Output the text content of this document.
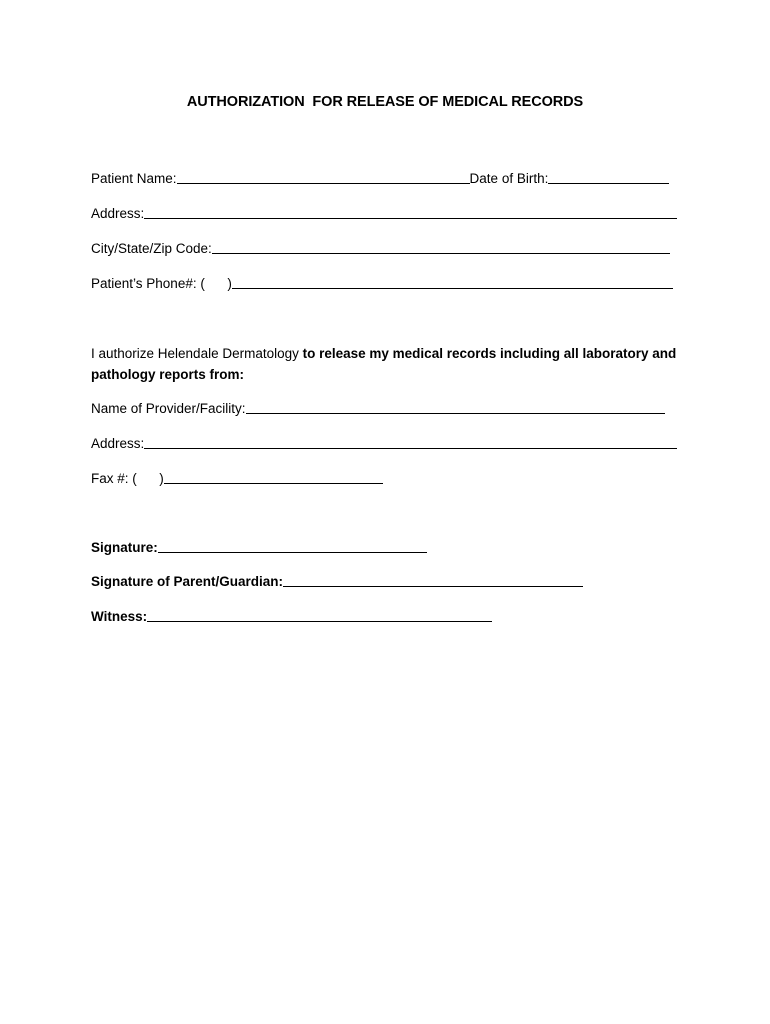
AUTHORIZATION  FOR RELEASE OF MEDICAL RECORDS
Patient Name:	Date of Birth:
Address:
City/State/Zip Code:
Patient’s Phone#: (      )
I authorize Helendale Dermatology to release my medical records including all laboratory and
pathology reports from:
Name of Provider/Facility:
Address:
Fax #: (      )
Signature:
Signature of Parent/Guardian:
Witness:
